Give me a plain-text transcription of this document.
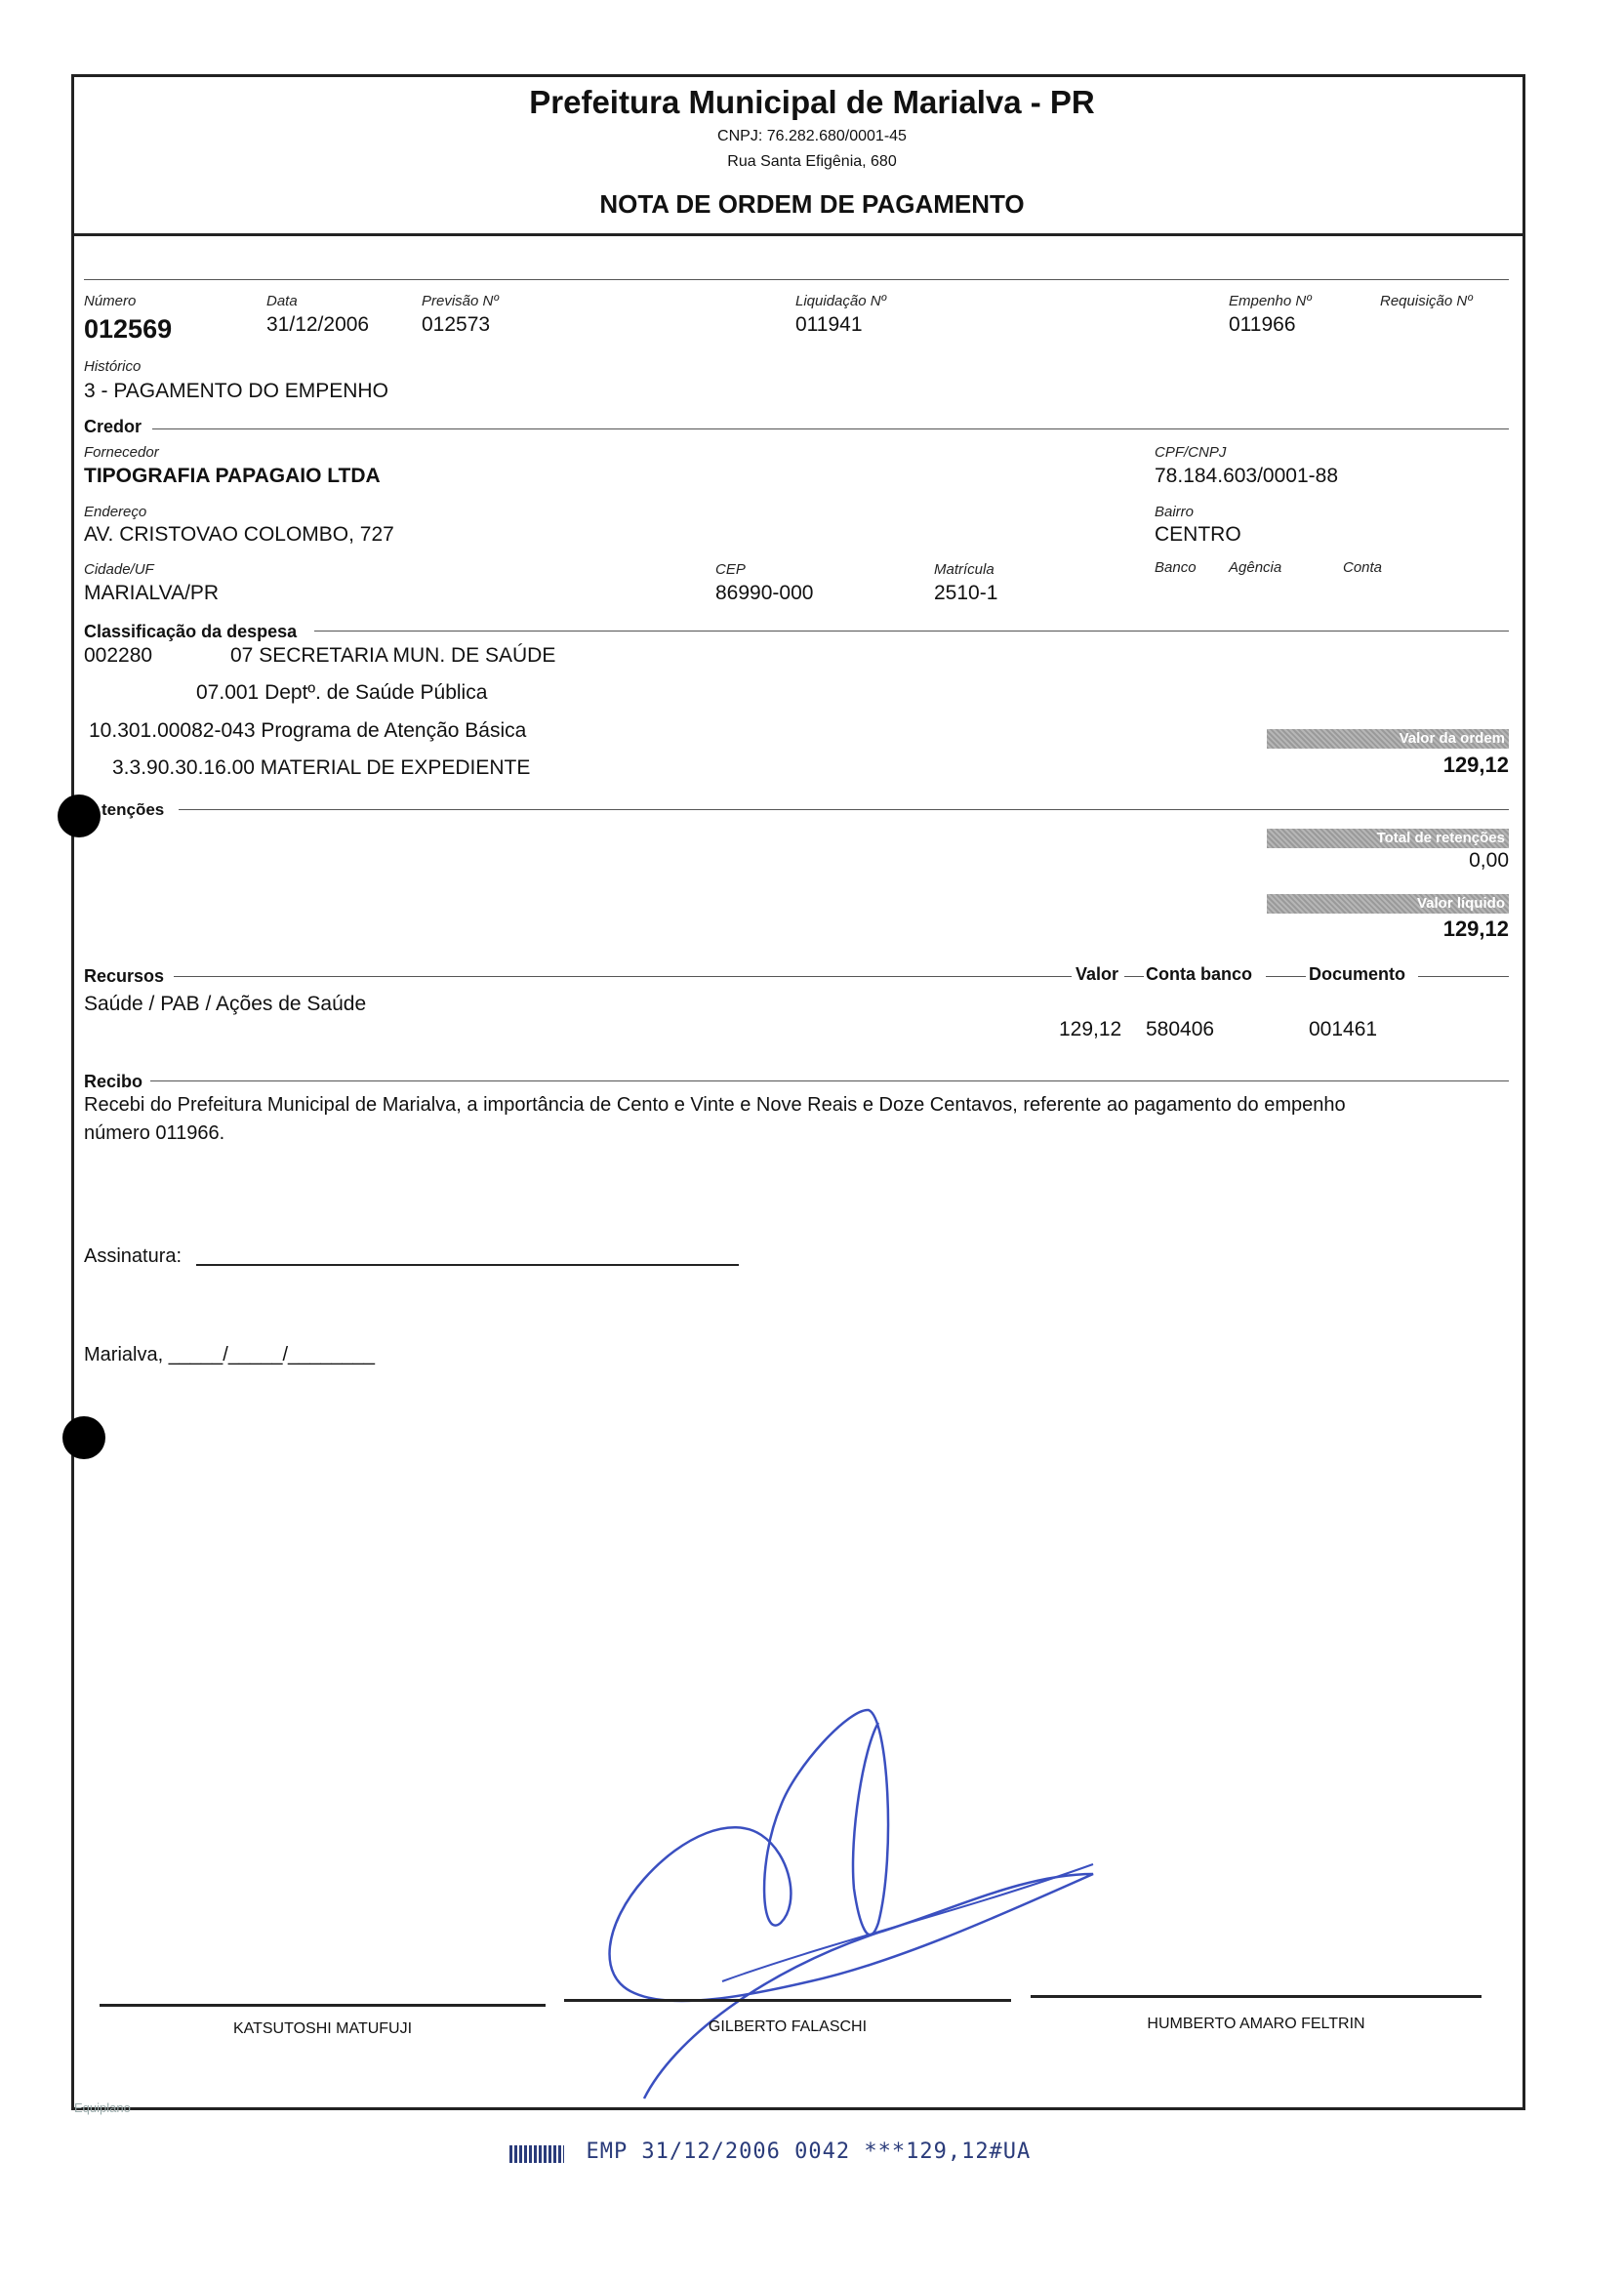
Prefeitura Municipal de Marialva - PR
CNPJ: 76.282.680/0001-45
Rua Santa Efigênia, 680
NOTA DE ORDEM DE PAGAMENTO
Número
012569
Data
31/12/2006
Previsão Nº
012573
Liquidação Nº
011941
Empenho Nº
011966
Requisição Nº
Histórico
3 - PAGAMENTO DO EMPENHO
Credor
Fornecedor
TIPOGRAFIA PAPAGAIO LTDA
CPF/CNPJ
78.184.603/0001-88
Endereço
AV. CRISTOVAO COLOMBO, 727
Bairro
CENTRO
Cidade/UF
MARIALVA/PR
CEP
86990-000
Matrícula
2510-1
Banco Agência	Conta
Classificação da despesa
002280	07 SECRETARIA MUN. DE SAÚDE
07.001 Deptº. de Saúde Pública
10.301.00082-043 Programa de Atenção Básica
3.3.90.30.16.00 MATERIAL DE EXPEDIENTE
Valor da ordem
129,12
tenções
Total de retenções
0,00
Valor líquido
129,12
Recursos	Valor Conta banco	Documento
Saúde / PAB / Ações de Saúde
129,12 580406	001461
Recibo
Recebi do Prefeitura Municipal de Marialva, a importância de Cento e Vinte e Nove Reais e Doze Centavos, referente ao pagamento do empenho
número 011966.
Assinatura:
Marialva, _____/_____/________
KATSUTOSHI MATUFUJI	GILBERTO FALASCHI	HUMBERTO AMARO FELTRIN
Equiplano
EMP 31/12/2006 0042 ***129,12#UA
